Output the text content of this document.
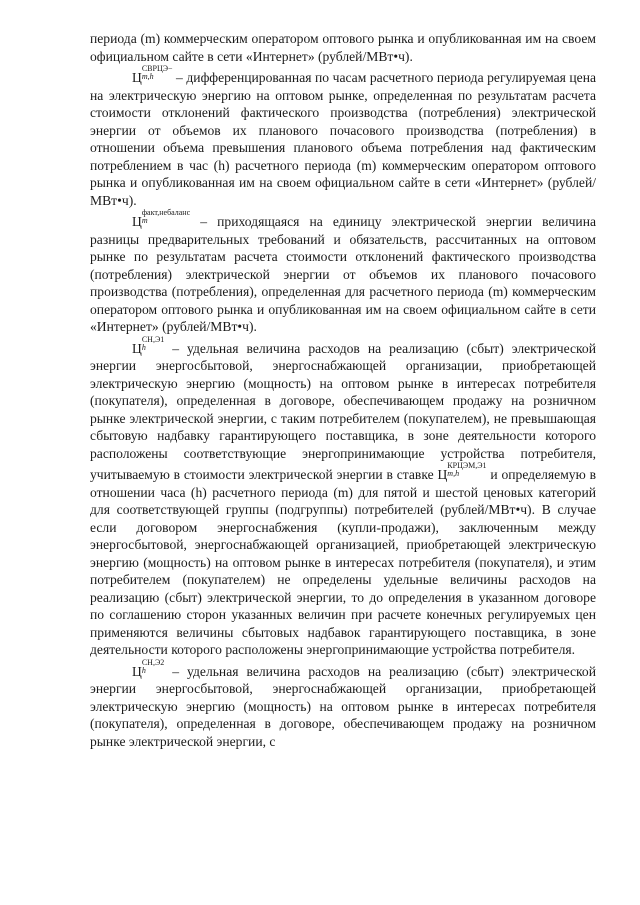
периода (m) коммерческим оператором оптового рынка и опубликованная им на своем официальном сайте в сети «Интернет» (рублей/МВт•ч).

Ц
СВРЦЭ−
m,h	– дифференцированная по часам расчетного периода регулируемая цена на электрическую энергию на оптовом рынке, определенная по результатам расчета стоимости отклонений фактического производства (потребления) электрической энергии от объемов их планового почасового производства (потребления) в отношении объема превышения планового объема потребления над фактическим потреблением в час (h) расчетного периода (m) коммерческим оператором оптового рынка и опубликованная им на своем официальном сайте в сети «Интернет» (рублей/МВт•ч).

Ц
факт,небаланс
m	– приходящаяся на единицу электрической энергии величина разницы предварительных требований и обязательств, рассчитанных на оптовом рынке по результатам расчета стоимости отклонений фактического производства (потребления) электрической энергии от объемов их планового почасового производства (потребления), определенная для расчетного периода (m) коммерческим оператором оптового рынка и опубликованная им на своем официальном сайте в сети «Интернет» (рублей/МВт•ч).

Ц
СН,Э1
h	– удельная величина расходов на реализацию (сбыт) электрической энергии энергосбытовой, энергоснабжающей организации, приобретающей электрическую энергию (мощность) на оптовом рынке в интересах потребителя (покупателя), определенная в договоре, обеспечивающем продажу на розничном рынке электрической энергии, с таким потребителем (покупателем), не превышающая сбытовую надбавку гарантирующего поставщика, в зоне деятельности которого расположены соответствующие энергопринимающие устройства потребителя, учитываемую в стоимости электрической энергии в ставке Ц
КРЦЭМ,Э1
m,h	и определяемую в отношении часа (h) расчетного периода (m) для пятой и шестой ценовых категорий для соответствующей группы (подгруппы) потребителей (рублей/МВт•ч). В случае если договором энергоснабжения (купли-продажи), заключенным между энергосбытовой, энергоснабжающей организацией, приобретающей электрическую энергию (мощность) на оптовом рынке в интересах потребителя (покупателя), и этим потребителем (покупателем) не определены удельные величины расходов на реализацию (сбыт) электрической энергии, то до определения в указанном договоре по соглашению сторон указанных величин при расчете конечных регулируемых цен применяются величины сбытовых надбавок гарантирующего поставщика, в зоне деятельности которого расположены энергопринимающие устройства потребителя.

Ц
СН,Э2
h	– удельная величина расходов на реализацию (сбыт) электрической энергии энергосбытовой, энергоснабжающей организации, приобретающей электрическую энергию (мощность) на оптовом рынке в интересах потребителя (покупателя), определенная в договоре, обеспечивающем продажу на розничном рынке электрической энергии, с
